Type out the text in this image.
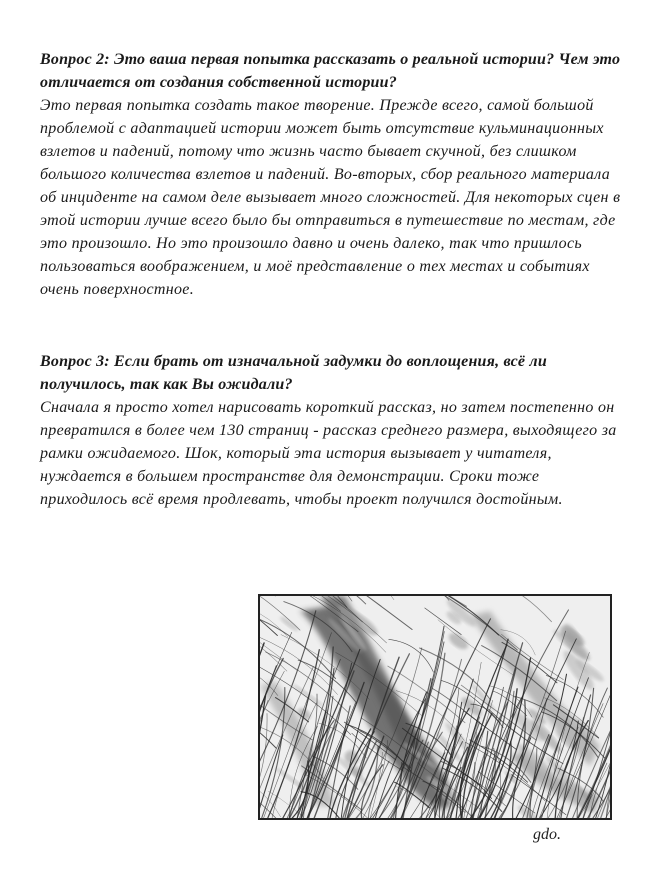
Вопрос 2: Это ваша первая попытка рассказать о реальной истории? Чем это отличается от создания собственной истории?
Это первая попытка создать такое творение. Прежде всего, самой большой проблемой с адаптацией истории может быть отсутствие кульминационных взлетов и падений, потому что жизнь часто бывает скучной, без слишком большого количества взлетов и падений. Во-вторых, сбор реального материала об инциденте на самом деле вызывает много сложностей. Для некоторых сцен в этой истории лучше всего было бы отправиться в путешествие по местам, где это произошло. Но это произошло давно и очень далеко, так что пришлось пользоваться воображением, и моё представление о тех местах и событиях очень поверхностное.
Вопрос 3: Если брать от изначальной задумки до воплощения, всё ли получилось, так как Вы ожидали?
Сначала я просто хотел нарисовать короткий рассказ, но затем постепенно он превратился в более чем 130 страниц - рассказ среднего размера, выходящего за рамки ожидаемого. Шок, который эта история вызывает у читателя, нуждается в большем пространстве для демонстрации. Сроки тоже приходилось всё время продлевать, чтобы проект получился достойным.
gdo.
